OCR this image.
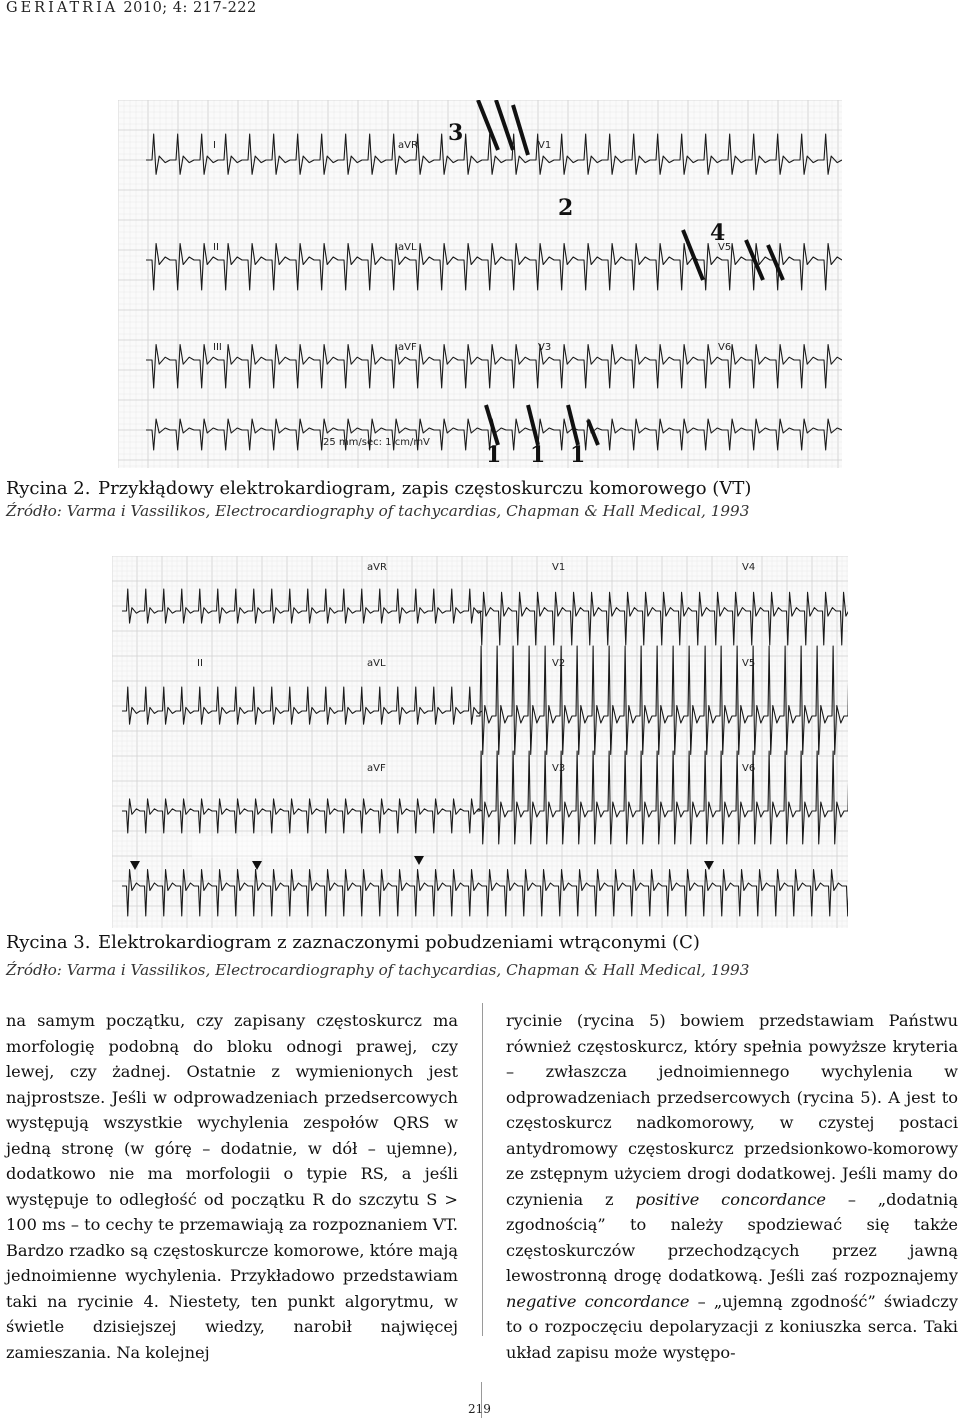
GERIATRIA 2010; 4: 217-222
I	aVR	V1
II	aVL	V5
III	aVF	V3	V6
25 mm/sec: 1 cm/mV
3
2
4
1 1 1
Rycina 2. Przykłądowy elektrokardiogram, zapis częstoskurczu komorowego (VT)
Źródło: Varma i Vassilikos, Electrocardiography of tachycardias, Chapman & Hall Medical, 1993
aVR	V1	V4
II	aVL	V2	V5
aVF	V3	V6
Rycina 3. Elektrokardiogram z zaznaczonymi pobudzeniami wtrąconymi (C)
Źródło: Varma i Vassilikos, Electrocardiography of tachycardias, Chapman & Hall Medical, 1993

na samym początku, czy zapisany częstoskurcz ma morfologię podobną do bloku odnogi prawej, czy lewej, czy żadnej. Ostatnie z wymienionych jest najprostsze. Jeśli w odprowadzeniach przedsercowych występują wszystkie wychylenia zespołów QRS w jedną stronę (w górę – dodatnie, w dół – ujemne), dodatkowo nie ma morfologii o typie RS, a jeśli występuje to odległość od początku R do szczytu S > 100 ms – to cechy te przemawiają za rozpoznaniem VT. Bardzo rzadko są częstoskurcze komorowe, które mają jednoimienne wychylenia. Przykładowo przedstawiam taki na rycinie 4. Niestety, ten punkt algorytmu, w świetle dzisiejszej wiedzy, narobił najwięcej zamieszania. Na kolejnej

rycinie (rycina 5) bowiem przedstawiam Państwu również częstoskurcz, który spełnia powyższe kryteria – zwłaszcza jednoimiennego wychylenia w odprowadzeniach przedsercowych (rycina 5). A jest to częstoskurcz nadkomorowy, w czystej postaci antydromowy częstoskurcz przedsionkowo-komorowy ze zstępnym użyciem drogi dodatkowej. Jeśli mamy do czynienia z positive concordance – „dodatnią zgodnością” to należy spodziewać się także częstoskurczów przechodzących przez jawną lewostronną drogę dodatkową. Jeśli zaś rozpoznajemy negative concordance – „ujemną zgodność” świadczy to o rozpoczęciu depolaryzacji z koniuszka serca. Taki układ zapisu może występo-

219
